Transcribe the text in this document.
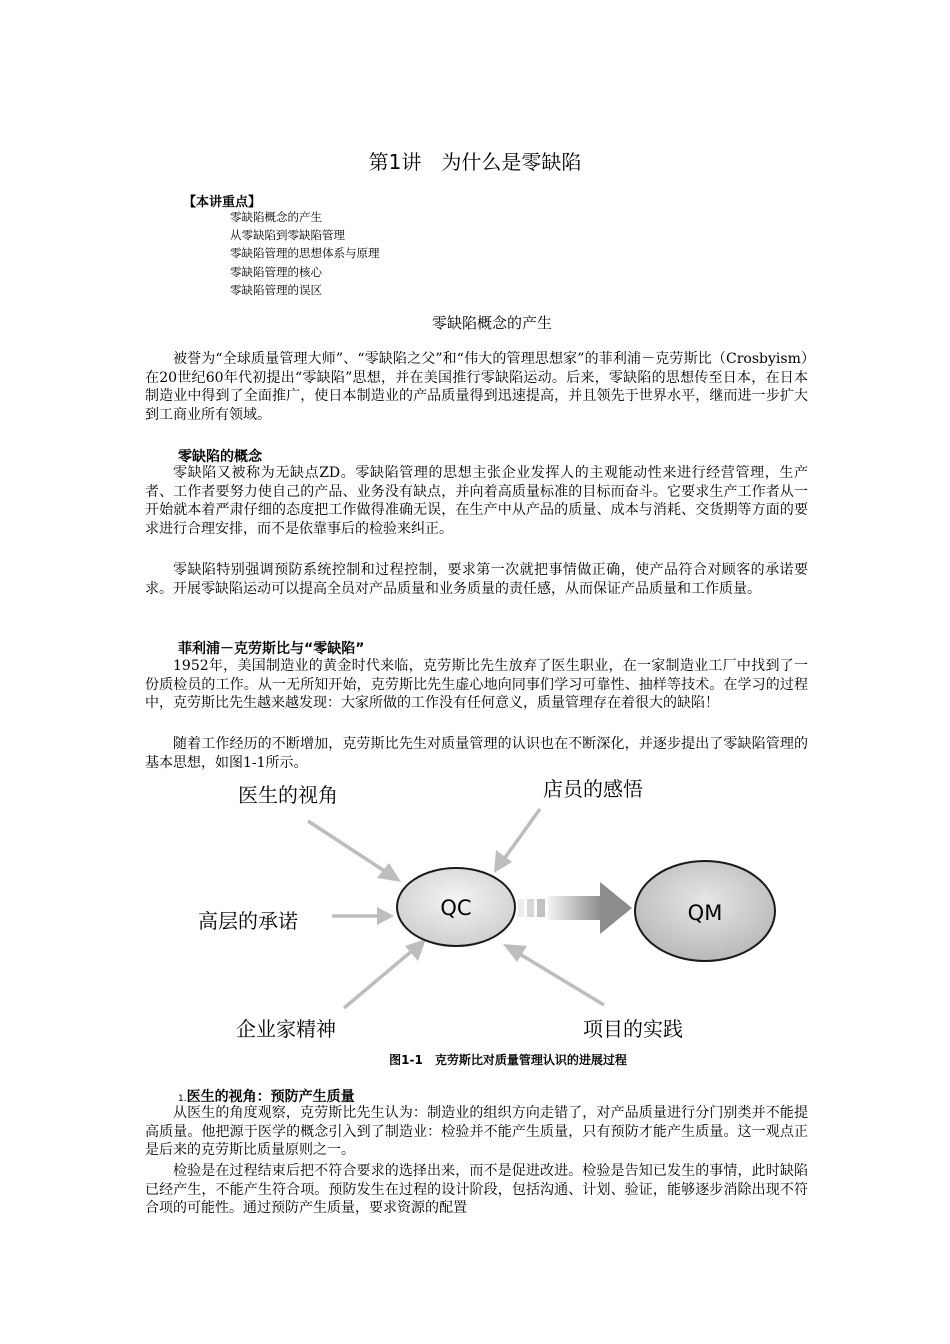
第1讲　为什么是零缺陷
【本讲重点】
零缺陷概念的产生
从零缺陷到零缺陷管理
零缺陷管理的思想体系与原理
零缺陷管理的核心
零缺陷管理的误区
零缺陷概念的产生

被誉为“全球质量管理大师”、“零缺陷之父”和“伟大的管理思想家”的菲利浦－克劳斯比（Crosbyism）在20世纪60年代初提出“零缺陷”思想，并在美国推行零缺陷运动。后来，零缺陷的思想传至日本，在日本制造业中得到了全面推广，使日本制造业的产品质量得到迅速提高，并且领先于世界水平，继而进一步扩大到工商业所有领域。

零缺陷的概念

零缺陷又被称为无缺点ZD。零缺陷管理的思想主张企业发挥人的主观能动性来进行经营管理，生产者、工作者要努力使自己的产品、业务没有缺点，并向着高质量标准的目标而奋斗。它要求生产工作者从一开始就本着严肃仔细的态度把工作做得准确无误，在生产中从产品的质量、成本与消耗、交货期等方面的要求进行合理安排，而不是依靠事后的检验来纠正。

零缺陷特别强调预防系统控制和过程控制，要求第一次就把事情做正确，使产品符合对顾客的承诺要求。开展零缺陷运动可以提高全员对产品质量和业务质量的责任感，从而保证产品质量和工作质量。

菲利浦－克劳斯比与“零缺陷”

1952年，美国制造业的黄金时代来临，克劳斯比先生放弃了医生职业，在一家制造业工厂中找到了一份质检员的工作。从一无所知开始，克劳斯比先生虚心地向同事们学习可靠性、抽样等技术。在学习的过程中，克劳斯比先生越来越发现：大家所做的工作没有任何意义，质量管理存在着很大的缺陷！

随着工作经历的不断增加，克劳斯比先生对质量管理的认识也在不断深化，并逐步提出了零缺陷管理的基本思想，如图1-1所示。

QC	QM
医生的视角	店员的感悟
高层的承诺
企业家精神	项目的实践
图1-1　克劳斯比对质量管理认识的进展过程
1.医生的视角：预防产生质量

从医生的角度观察，克劳斯比先生认为：制造业的组织方向走错了，对产品质量进行分门别类并不能提高质量。他把源于医学的概念引入到了制造业：检验并不能产生质量，只有预防才能产生质量。这一观点正是后来的克劳斯比质量原则之一。

检验是在过程结束后把不符合要求的选择出来，而不是促进改进。检验是告知已发生的事情，此时缺陷已经产生，不能产生符合项。预防发生在过程的设计阶段，包括沟通、计划、验证，能够逐步消除出现不符合项的可能性。通过预防产生质量，要求资源的配置
